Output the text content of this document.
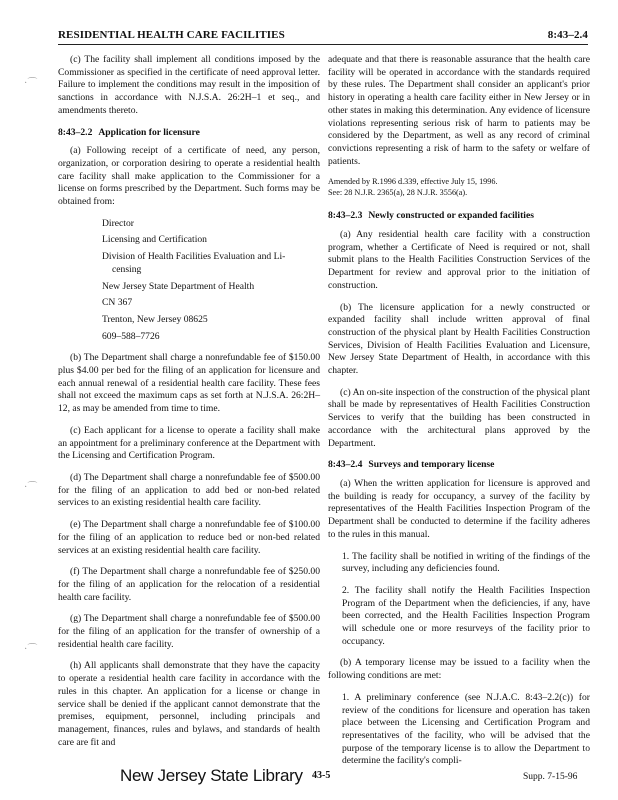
RESIDENTIAL HEALTH CARE FACILITIES	8:43–2.4

(c) The facility shall implement all conditions imposed by the Commissioner as specified in the certificate of need approval letter. Failure to implement the conditions may result in the imposition of sanctions in accordance with N.J.S.A. 26:2H–1 et seq., and amendments thereto.

8:43–2.2 Application for licensure

(a) Following receipt of a certificate of need, any person, organization, or corporation desiring to operate a residential health care facility shall make application to the Commissioner for a license on forms prescribed by the Department. Such forms may be obtained from:

Director
Licensing and Certification
Division of Health Facilities Evaluation and Li-
censing
New Jersey State Department of Health
CN 367
Trenton, New Jersey 08625
609–588–7726

(b) The Department shall charge a nonrefundable fee of $150.00 plus $4.00 per bed for the filing of an application for licensure and each annual renewal of a residential health care facility. These fees shall not exceed the maximum caps as set forth at N.J.S.A. 26:2H–12, as may be amended from time to time.

(c) Each applicant for a license to operate a facility shall make an appointment for a preliminary conference at the Department with the Licensing and Certification Program.

(d) The Department shall charge a nonrefundable fee of $500.00 for the filing of an application to add bed or non-bed related services to an existing residential health care facility.

(e) The Department shall charge a nonrefundable fee of $100.00 for the filing of an application to reduce bed or non-bed related services at an existing residential health care facility.

(f) The Department shall charge a nonrefundable fee of $250.00 for the filing of an application for the relocation of a residential health care facility.

(g) The Department shall charge a nonrefundable fee of $500.00 for the filing of an application for the transfer of ownership of a residential health care facility.

(h) All applicants shall demonstrate that they have the capacity to operate a residential health care facility in accordance with the rules in this chapter. An application for a license or change in service shall be denied if the applicant cannot demonstrate that the premises, equipment, personnel, including principals and management, finances, rules and bylaws, and standards of health care are fit and

adequate and that there is reasonable assurance that the health care facility will be operated in accordance with the standards required by these rules. The Department shall consider an applicant's prior history in operating a health care facility either in New Jersey or in other states in making this determination. Any evidence of licensure violations representing serious risk of harm to patients may be considered by the Department, as well as any record of criminal convictions representing a risk of harm to the safety or welfare of patients.

Amended by R.1996 d.339, effective July 15, 1996.
See: 28 N.J.R. 2365(a), 28 N.J.R. 3556(a).

8:43–2.3 Newly constructed or expanded facilities

(a) Any residential health care facility with a construction program, whether a Certificate of Need is required or not, shall submit plans to the Health Facilities Construction Services of the Department for review and approval prior to the initiation of construction.

(b) The licensure application for a newly constructed or expanded facility shall include written approval of final construction of the physical plant by Health Facilities Construction Services, Division of Health Facilities Evaluation and Licensure, New Jersey State Department of Health, in accordance with this chapter.

(c) An on-site inspection of the construction of the physical plant shall be made by representatives of Health Facilities Construction Services to verify that the building has been constructed in accordance with the architectural plans approved by the Department.

8:43–2.4 Surveys and temporary license

(a) When the written application for licensure is approved and the building is ready for occupancy, a survey of the facility by representatives of the Health Facilities Inspection Program of the Department shall be conducted to determine if the facility adheres to the rules in this manual.

1. The facility shall be notified in writing of the findings of the survey, including any deficiencies found.

2. The facility shall notify the Health Facilities Inspection Program of the Department when the deficiencies, if any, have been corrected, and the Health Facilities Inspection Program will schedule one or more resurveys of the facility prior to occupancy.

(b) A temporary license may be issued to a facility when the following conditions are met:

1. A preliminary conference (see N.J.A.C. 8:43–2.2(c)) for review of the conditions for licensure and operation has taken place between the Licensing and Certification Program and representatives of the facility, who will be advised that the purpose of the temporary license is to allow the Department to determine the facility's compli-

·⌒
·⌒
·⌒
New Jersey State Library 43-5	Supp. 7-15-96
